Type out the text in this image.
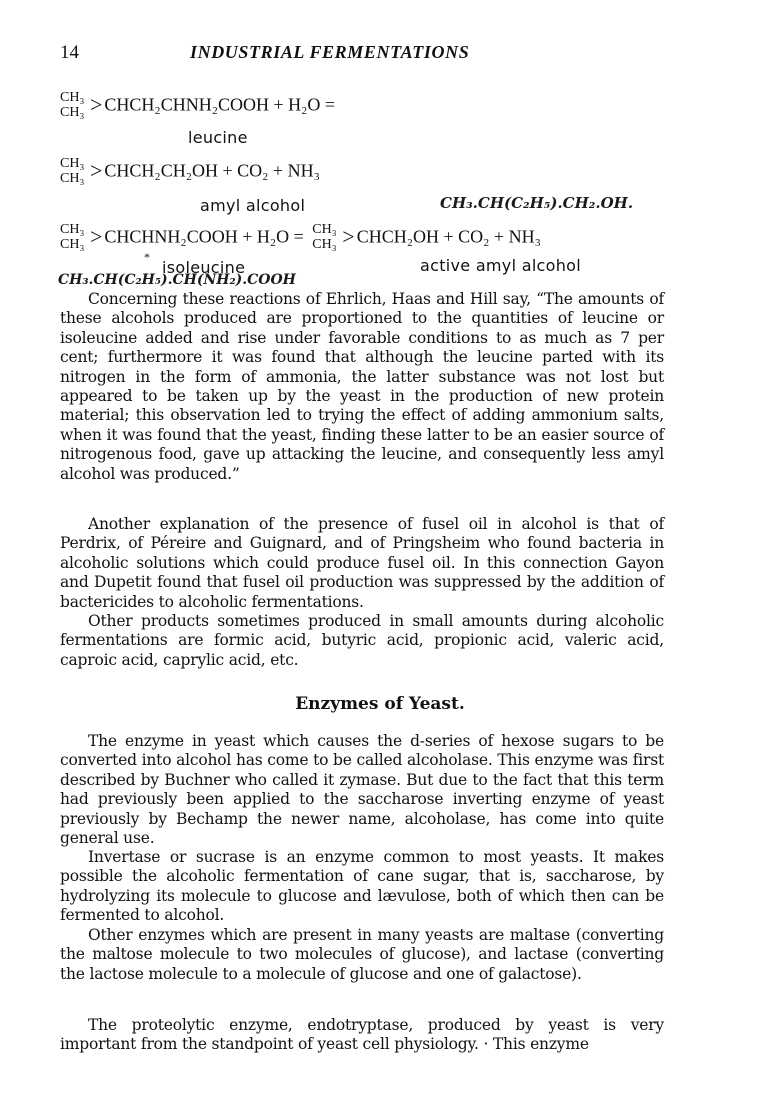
14	INDUSTRIAL FERMENTATIONS
CH₃
CH₃ > CHCH₂CHNH₂COOH + H₂O =
leucine
CH₃
CH₃ > CHCH₂CH₂OH + CO₂ + NH₃
amyl alcohol	CH₃.CH(C₂H₅).CH₂.OH.
CH₃
CH₃ > CHCHNH₂COOH + H₂O = CH₃
CH₃ > CHCH₂OH + CO₂ + NH₃
*
isoleucine	active amyl alcohol
CH₃.CH(C₂H₅).CH(NH₂).COOH

Concerning these reactions of Ehrlich, Haas and Hill say, “The amounts of these alcohols produced are proportioned to the quantities of leucine or isoleucine added and rise under favorable conditions to as much as 7 per cent; furthermore it was found that although the leucine parted with its nitrogen in the form of ammonia, the latter substance was not lost but appeared to be taken up by the yeast in the production of new protein material; this observation led to trying the effect of adding ammonium salts, when it was found that the yeast, finding these latter to be an easier source of nitrogenous food, gave up attacking the leucine, and consequently less amyl alcohol was produced.”

Another explanation of the presence of fusel oil in alcohol is that of Perdrix, of Péreire and Guignard, and of Pringsheim who found bacteria in alcoholic solutions which could produce fusel oil. In this connection Gayon and Dupetit found that fusel oil production was suppressed by the addition of bactericides to alcoholic fermentations.

Other products sometimes produced in small amounts during alcoholic fermentations are formic acid, butyric acid, propionic acid, valeric acid, caproic acid, caprylic acid, etc.

Enzymes of Yeast.

The enzyme in yeast which causes the d-series of hexose sugars to be converted into alcohol has come to be called alcoholase. This enzyme was first described by Buchner who called it zymase. But due to the fact that this term had previously been applied to the saccharose inverting enzyme of yeast previously by Bechamp the newer name, alcoholase, has come into quite general use.

Invertase or sucrase is an enzyme common to most yeasts. It makes possible the alcoholic fermentation of cane sugar, that is, saccharose, by hydrolyzing its molecule to glucose and lævulose, both of which then can be fermented to alcohol.

Other enzymes which are present in many yeasts are maltase (converting the maltose molecule to two molecules of glucose), and lactase (converting the lactose molecule to a molecule of glucose and one of galactose).

The proteolytic enzyme, endotryptase, produced by yeast is very important from the standpoint of yeast cell physiology. · This enzyme
